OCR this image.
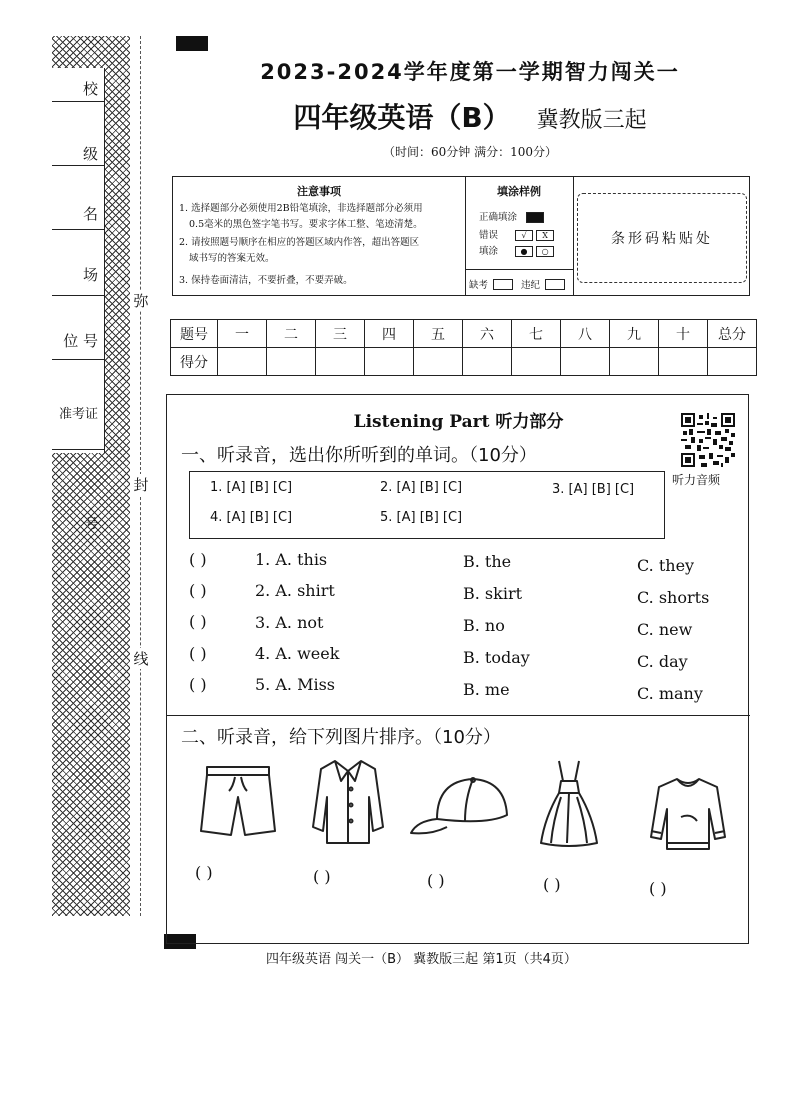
校
级
名
场
位 号
准考证号
弥
封
线
2023-2024学年度第一学期智力闯关一
四年级英语（B） 冀教版三起
（时间：60分钟 满分：100分）
注意事项
1. 选择题部分必须使用2B铅笔填涂，非选择题部分必须用
0.5毫米的黑色签字笔书写。要求字体工整、笔迹清楚。
2. 请按照题号顺序在相应的答题区域内作答，超出答题区
域书写的答案无效。
3. 保持卷面清洁，不要折叠，不要弄破。
填涂样例
正确填涂
错误	√ X
填涂	● ○
缺考	违纪
条形码粘贴处
题号	一	二	三	四	五	六	七	八	九	十	总分
得分											
Listening Part 听力部分
一、听录音，选出你所听到的单词。（10分）
听力音频
1. [A] [B] [C]	2. [A] [B] [C]	3. [A] [B] [C]
4. [A] [B] [C]	5. [A] [B] [C]
( )	1. A. this	B. the	C. they
( )	2. A. shirt	B. skirt	C. shorts
( )	3. A. not	B. no	C. new
( )	4. A. week	B. today	C. day
( )	5. A. Miss	B. me	C. many
二、听录音，给下列图片排序。（10分）
( )	( )	( )	( )	( )
四年级英语 闯关一（B） 冀教版三起 第1页（共4页）
